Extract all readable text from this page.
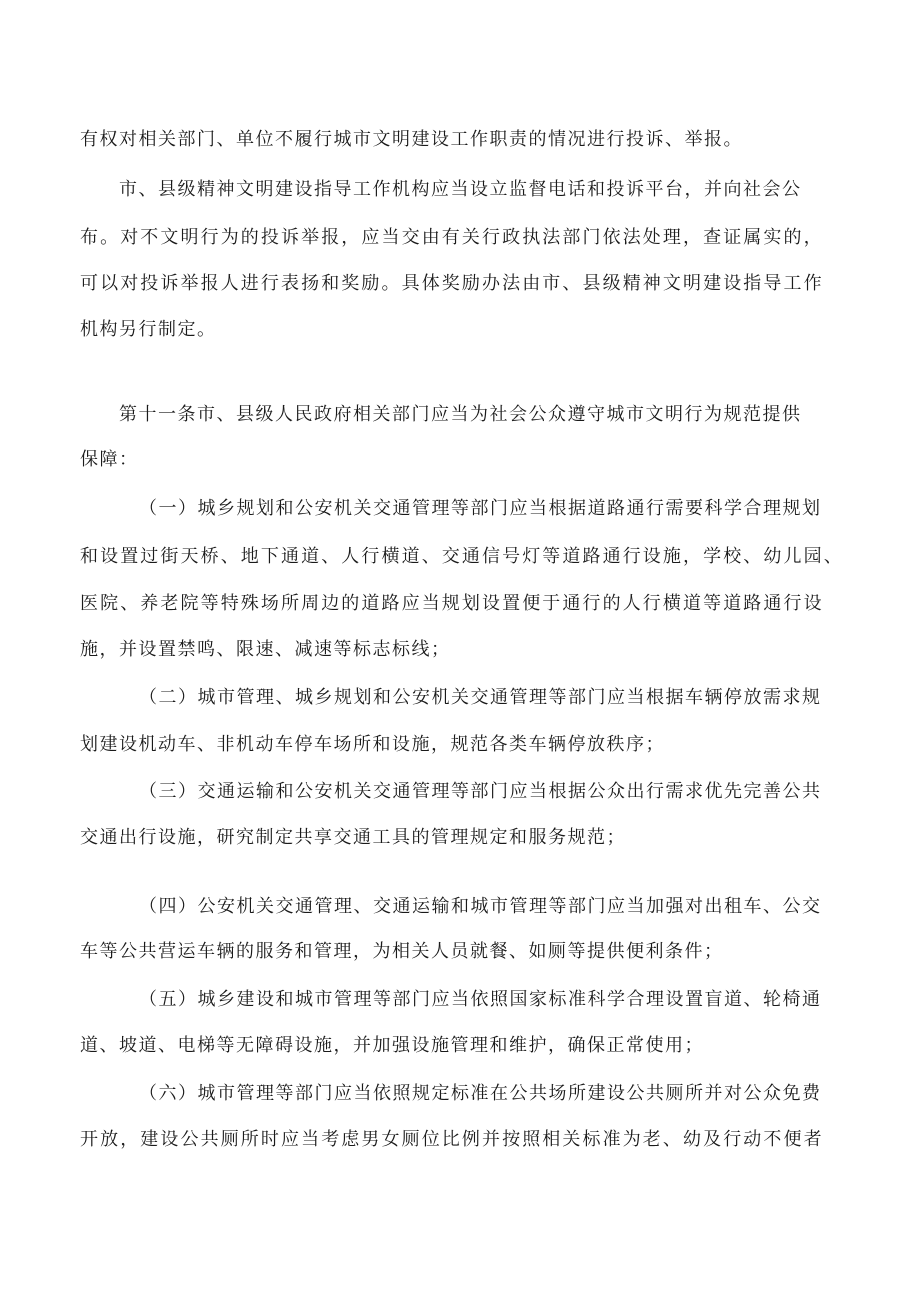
有权对相关部门、单位不履行城市文明建设工作职责的情况进行投诉、举报。

市、县级精神文明建设指导工作机构应当设立监督电话和投诉平台，并向社会公

布。对不文明行为的投诉举报，应当交由有关行政执法部门依法处理，查证属实的，

可以对投诉举报人进行表扬和奖励。具体奖励办法由市、县级精神文明建设指导工作

机构另行制定。

第十一条市、县级人民政府相关部门应当为社会公众遵守城市文明行为规范提供

保障：

（一）城乡规划和公安机关交通管理等部门应当根据道路通行需要科学合理规划

和设置过街天桥、地下通道、人行横道、交通信号灯等道路通行设施，学校、幼儿园、

医院、养老院等特殊场所周边的道路应当规划设置便于通行的人行横道等道路通行设

施，并设置禁鸣、限速、减速等标志标线；

（二）城市管理、城乡规划和公安机关交通管理等部门应当根据车辆停放需求规

划建设机动车、非机动车停车场所和设施，规范各类车辆停放秩序；

（三）交通运输和公安机关交通管理等部门应当根据公众出行需求优先完善公共

交通出行设施，研究制定共享交通工具的管理规定和服务规范；

（四）公安机关交通管理、交通运输和城市管理等部门应当加强对出租车、公交

车等公共营运车辆的服务和管理，为相关人员就餐、如厕等提供便利条件；

（五）城乡建设和城市管理等部门应当依照国家标准科学合理设置盲道、轮椅通

道、坡道、电梯等无障碍设施，并加强设施管理和维护，确保正常使用；

（六）城市管理等部门应当依照规定标准在公共场所建设公共厕所并对公众免费

开放，建设公共厕所时应当考虑男女厕位比例并按照相关标准为老、幼及行动不便者
